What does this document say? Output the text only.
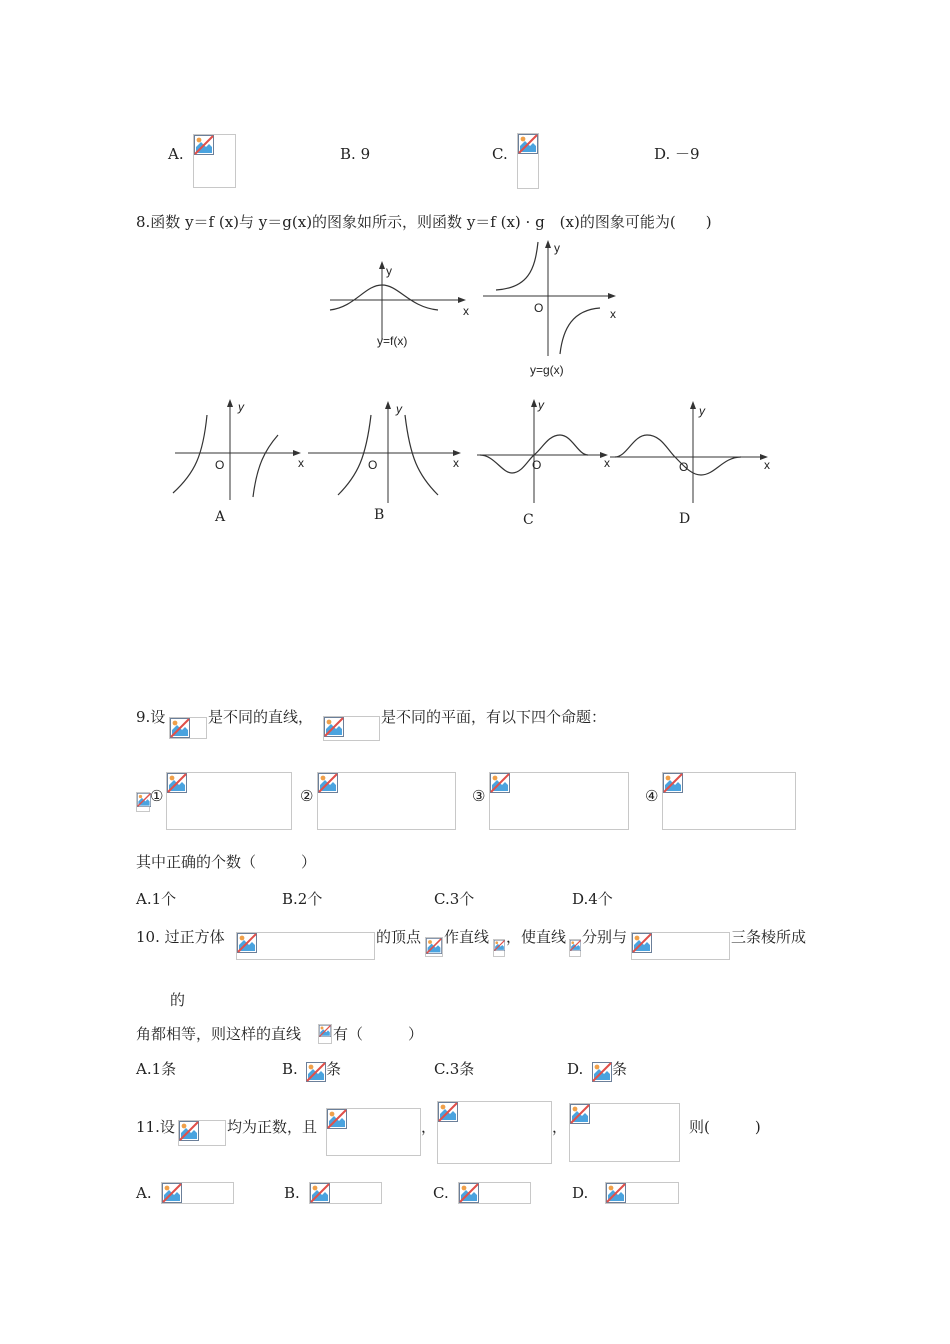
A.	B. 9	C.	D. －9
8.函数 y＝f (x)与 y＝g(x)的图象如所示，则函数 y＝f (x) · g　(x)的图象可能为(　　)
x
y
y=f(x)
O	x
y
y=g(x)
O	x
y
A
O	x
y
B
O	x
y
C
O	x
y
D
9.设	是不同的直线，	是不同的平面，有以下四个命题：
①	②	③	④
其中正确的个数（　　　）
A.1个	B.2个	C.3个	D.4个
10. 过正方体	的顶点 作直线 ，使直线 分别与	三条棱所成
的
角都相等，则这样的直线 有（　　　）
A.1条	B. 条	C.3条	D. 条
11.设	均为正数，且	，	，	则(　　　)
A.	B.	C.	D.
